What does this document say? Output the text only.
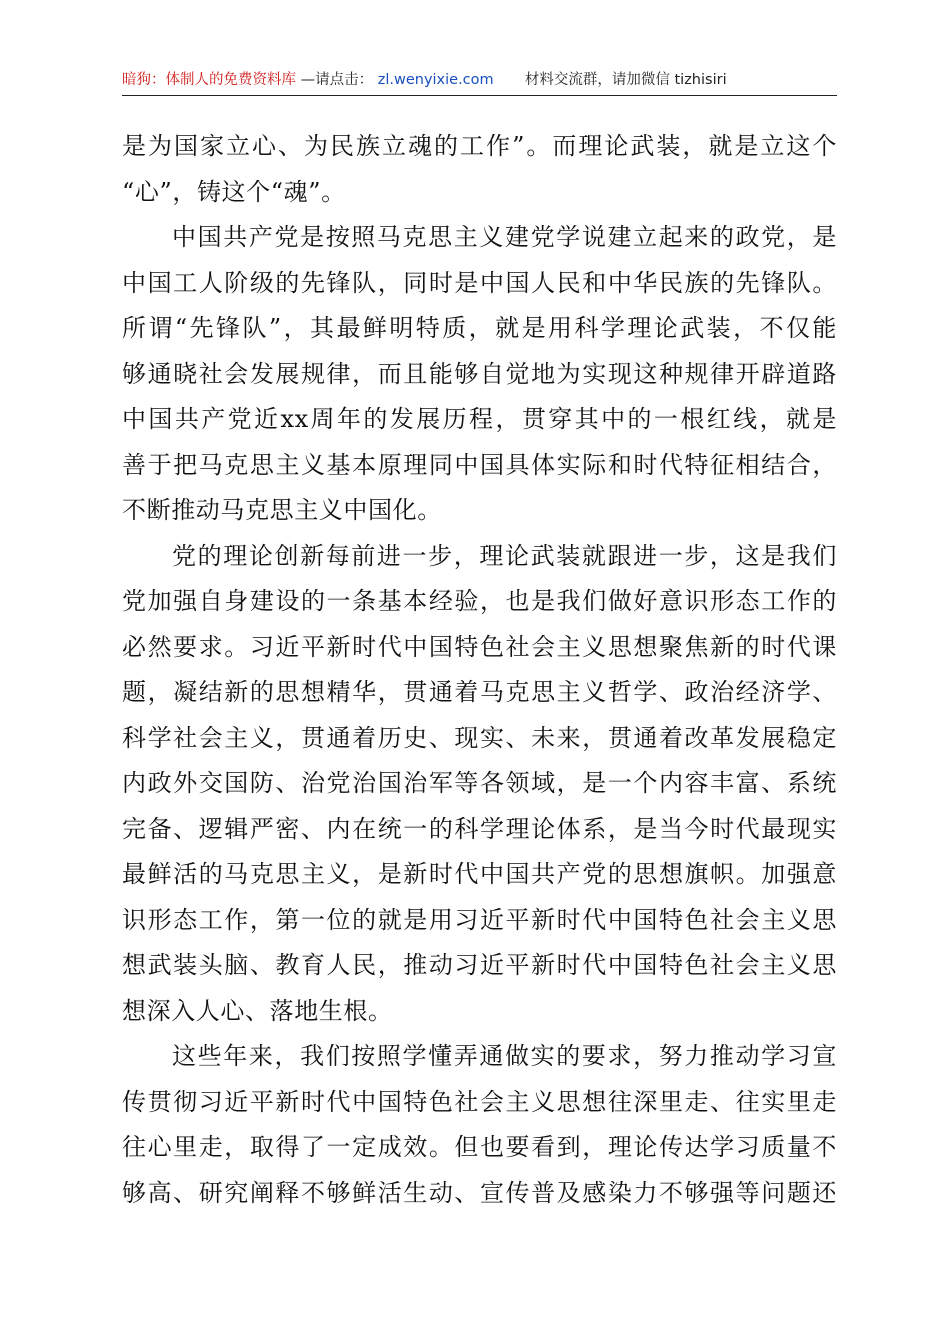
暗狗：体制人的免费资料库 —请点击： zl.wenyixie.com 材料交流群，请加微信 tizhisiri
是为国家立心、为民族立魂的工作”。而理论武装，就是立这个
“心”，铸这个“魂”。
中国共产党是按照马克思主义建党学说建立起来的政党，是
中国工人阶级的先锋队，同时是中国人民和中华民族的先锋队。
所谓“先锋队”，其最鲜明特质，就是用科学理论武装，不仅能
够通晓社会发展规律，而且能够自觉地为实现这种规律开辟道路
中国共产党近xx周年的发展历程，贯穿其中的一根红线，就是
善于把马克思主义基本原理同中国具体实际和时代特征相结合，
不断推动马克思主义中国化。
党的理论创新每前进一步，理论武装就跟进一步，这是我们
党加强自身建设的一条基本经验，也是我们做好意识形态工作的
必然要求。习近平新时代中国特色社会主义思想聚焦新的时代课
题，凝结新的思想精华，贯通着马克思主义哲学、政治经济学、
科学社会主义，贯通着历史、现实、未来，贯通着改革发展稳定
内政外交国防、治党治国治军等各领域，是一个内容丰富、系统
完备、逻辑严密、内在统一的科学理论体系，是当今时代最现实
最鲜活的马克思主义，是新时代中国共产党的思想旗帜。加强意
识形态工作，第一位的就是用习近平新时代中国特色社会主义思
想武装头脑、教育人民，推动习近平新时代中国特色社会主义思
想深入人心、落地生根。
这些年来，我们按照学懂弄通做实的要求，努力推动学习宣
传贯彻习近平新时代中国特色社会主义思想往深里走、往实里走
往心里走，取得了一定成效。但也要看到，理论传达学习质量不
够高、研究阐释不够鲜活生动、宣传普及感染力不够强等问题还
